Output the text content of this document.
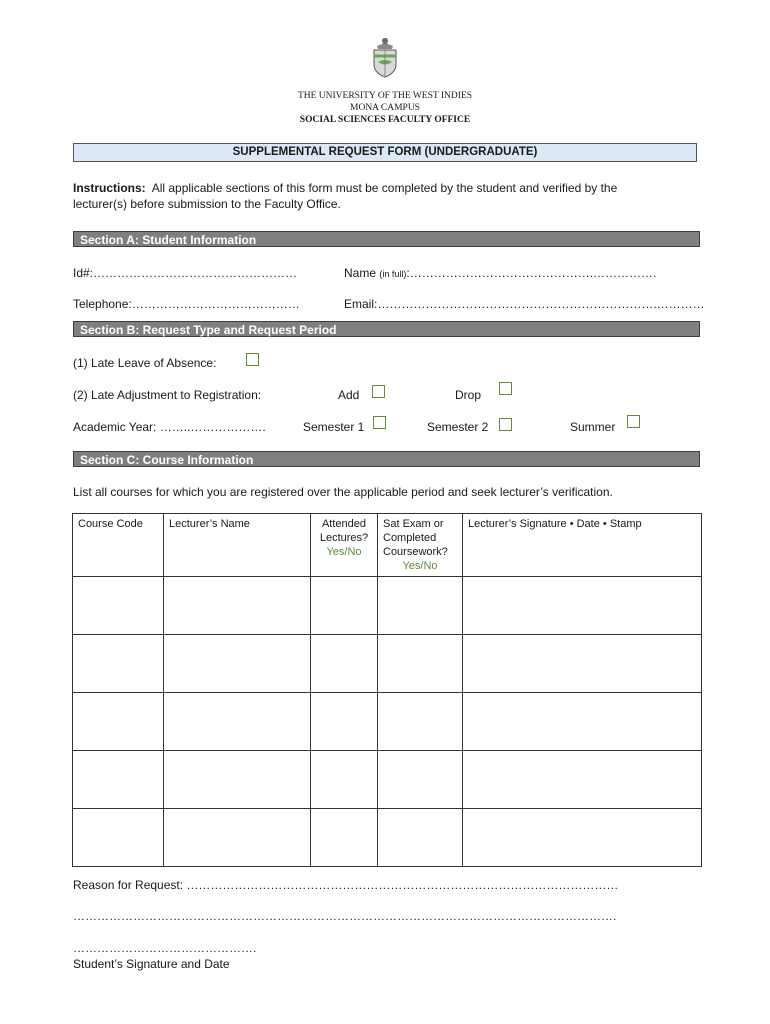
THE UNIVERSITY OF THE WEST INDIES
MONA CAMPUS
SOCIAL SCIENCES FACULTY OFFICE
SUPPLEMENTAL REQUEST FORM (UNDERGRADUATE)
Instructions: All applicable sections of this form must be completed by the student and verified by the
lecturer(s) before submission to the Faculty Office.
Section A: Student Information
Id#:……………………………………………	Name (in full):……………………………………….…………….
Telephone:……………………………………	Email:…………………………………………………………….…………
Section B: Request Type and Request Period
(1) Late Leave of Absence:
(2) Late Adjustment to Registration:	Add	Drop
Academic Year: ……..……………….	Semester 1	Semester 2	Summer
Section C: Course Information
List all courses for which you are registered over the applicable period and seek lecturer’s verification.
Course Code	Lecturer’s Name	Attended
Lectures?
Yes/No	Sat Exam or
Completed
Coursework?
Yes/No	Lecturer’s Signature • Date • Stamp

Reason for Request: ………………………………………………………………………………………………
……………………………………………………………………………………………………………………….
……………………………………….
Student’s Signature and Date
